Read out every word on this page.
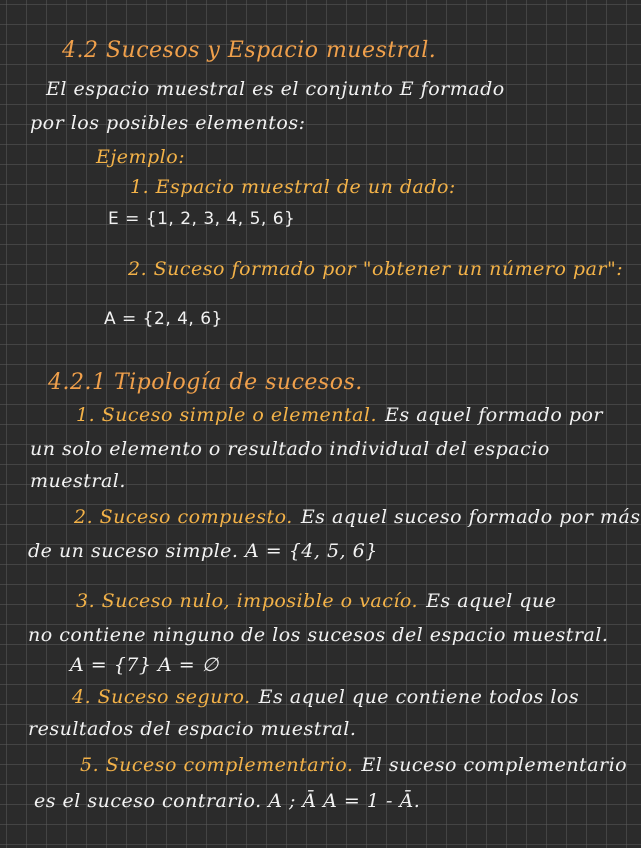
4.2 Sucesos y Espacio muestral.
El espacio muestral es el conjunto E formado
por los posibles elementos:
Ejemplo:
1. Espacio muestral de un dado:
E = {1, 2, 3, 4, 5, 6}
2. Suceso formado por "obtener un número par":
A = {2, 4, 6}
4.2.1 Tipología de sucesos.
1. Suceso simple o elemental. Es aquel formado por
un solo elemento o resultado individual del espacio
muestral.
2. Suceso compuesto. Es aquel suceso formado por más
de un suceso simple. A = {4, 5, 6}
3. Suceso nulo, imposible o vacío. Es aquel que
no contiene ninguno de los sucesos del espacio muestral.
A = {7} A = ∅
4. Suceso seguro. Es aquel que contiene todos los
resultados del espacio muestral.
5. Suceso complementario. El suceso complementario
es el suceso contrario. A ; Ā A = 1 - Ā.
